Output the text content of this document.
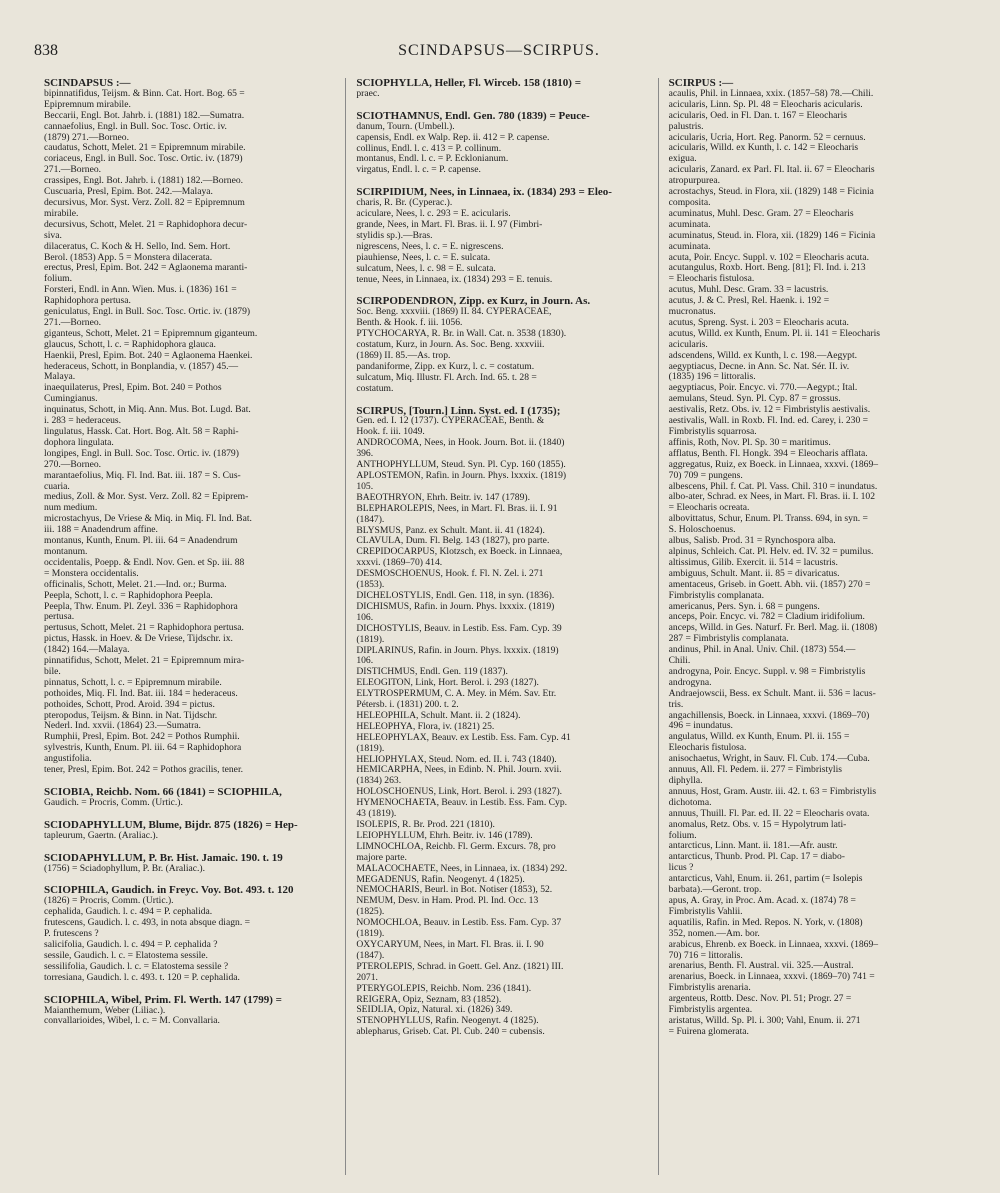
838	SCINDAPSUS—SCIRPUS.
SCINDAPSUS :—
bipinnatifidus, Teijsm. & Binn. Cat. Hort. Bog. 65 =
Epipremnum mirabile.
Beccarii, Engl. Bot. Jahrb. i. (1881) 182.—Sumatra.
cannaefolius, Engl. in Bull. Soc. Tosc. Ortic. iv.
(1879) 271.—Borneo.
caudatus, Schott, Melet. 21 = Epipremnum mirabile.
coriaceus, Engl. in Bull. Soc. Tosc. Ortic. iv. (1879)
271.—Borneo.
crassipes, Engl. Bot. Jahrb. i. (1881) 182.—Borneo.
Cuscuaria, Presl, Epim. Bot. 242.—Malaya.
decursivus, Mor. Syst. Verz. Zoll. 82 = Epipremnum
mirabile.
decursivus, Schott, Melet. 21 = Raphidophora decur-
siva.
dilaceratus, C. Koch & H. Sello, Ind. Sem. Hort.
Berol. (1853) App. 5 = Monstera dilacerata.
erectus, Presl, Epim. Bot. 242 = Aglaonema maranti-
folium.
Forsteri, Endl. in Ann. Wien. Mus. i. (1836) 161 =
Raphidophora pertusa.
geniculatus, Engl. in Bull. Soc. Tosc. Ortic. iv. (1879)
271.—Borneo.
giganteus, Schott, Melet. 21 = Epipremnum giganteum.
glaucus, Schott, l. c. = Raphidophora glauca.
Haenkii, Presl, Epim. Bot. 240 = Aglaonema Haenkei.
hederaceus, Schott, in Bonplandia, v. (1857) 45.—
Malaya.
inaequilaterus, Presl, Epim. Bot. 240 = Pothos
Cumingianus.
inquinatus, Schott, in Miq. Ann. Mus. Bot. Lugd. Bat.
i. 283 = hederaceus.
lingulatus, Hassk. Cat. Hort. Bog. Alt. 58 = Raphi-
dophora lingulata.
longipes, Engl. in Bull. Soc. Tosc. Ortic. iv. (1879)
270.—Borneo.
marantaefolius, Miq. Fl. Ind. Bat. iii. 187 = S. Cus-
cuaria.
medius, Zoll. & Mor. Syst. Verz. Zoll. 82 = Epiprem-
num medium.
microstachyus, De Vriese & Miq. in Miq. Fl. Ind. Bat.
iii. 188 = Anadendrum affine.
montanus, Kunth, Enum. Pl. iii. 64 = Anadendrum
montanum.
occidentalis, Poepp. & Endl. Nov. Gen. et Sp. iii. 88
= Monstera occidentalis.
officinalis, Schott, Melet. 21.—Ind. or.; Burma.
Peepla, Schott, l. c. = Raphidophora Peepla.
Peepla, Thw. Enum. Pl. Zeyl. 336 = Raphidophora
pertusa.
pertusus, Schott, Melet. 21 = Raphidophora pertusa.
pictus, Hassk. in Hoev. & De Vriese, Tijdschr. ix.
(1842) 164.—Malaya.
pinnatifidus, Schott, Melet. 21 = Epipremnum mira-
bile.
pinnatus, Schott, l. c. = Epipremnum mirabile.
pothoides, Miq. Fl. Ind. Bat. iii. 184 = hederaceus.
pothoides, Schott, Prod. Aroid. 394 = pictus.
pteropodus, Teijsm. & Binn. in Nat. Tijdschr.
Nederl. Ind. xxvii. (1864) 23.—Sumatra.
Rumphii, Presl, Epim. Bot. 242 = Pothos Rumphii.
sylvestris, Kunth, Enum. Pl. iii. 64 = Raphidophora
angustifolia.
tener, Presl, Epim. Bot. 242 = Pothos gracilis, tener.
SCIOBIA, Reichb. Nom. 66 (1841) = SCIOPHILA,
Gaudich. = Procris, Comm. (Urtic.).
SCIODAPHYLLUM, Blume, Bijdr. 875 (1826) = Hep-
tapleurum, Gaertn. (Araliac.).
SCIODAPHYLLUM, P. Br. Hist. Jamaic. 190. t. 19
(1756) = Sciadophyllum, P. Br. (Araliac.).
SCIOPHILA, Gaudich. in Freyc. Voy. Bot. 493. t. 120
(1826) = Procris, Comm. (Urtic.).
cephalida, Gaudich. l. c. 494 = P. cephalida.
frutescens, Gaudich. l. c. 493, in nota absque diagn. =
P. frutescens ?
salicifolia, Gaudich. l. c. 494 = P. cephalida ?
sessile, Gaudich. l. c. = Elatostema sessile.
sessilifolia, Gaudich. l. c. = Elatostema sessile ?
torresiana, Gaudich. l. c. 493. t. 120 = P. cephalida.
SCIOPHILA, Wibel, Prim. Fl. Werth. 147 (1799) =
Maianthemum, Weber (Liliac.).
convallarioides, Wibel, l. c. = M. Convallaria.
SCIOPHYLLA, Heller, Fl. Wirceb. 158 (1810) =
praec.
SCIOTHAMNUS, Endl. Gen. 780 (1839) = Peuce-
danum, Tourn. (Umbell.).
capensis, Endl. ex Walp. Rep. ii. 412 = P. capense.
collinus, Endl. l. c. 413 = P. collinum.
montanus, Endl. l. c. = P. Ecklonianum.
virgatus, Endl. l. c. = P. capense.
SCIRPIDIUM, Nees, in Linnaea, ix. (1834) 293 = Eleo-
charis, R. Br. (Cyperac.).
aciculare, Nees, l. c. 293 = E. acicularis.
grande, Nees, in Mart. Fl. Bras. ii. I. 97 (Fimbri-
stylidis sp.).—Bras.
nigrescens, Nees, l. c. = E. nigrescens.
piauhiense, Nees, l. c. = E. sulcata.
sulcatum, Nees, l. c. 98 = E. sulcata.
tenue, Nees, in Linnaea, ix. (1834) 293 = E. tenuis.
SCIRPODENDRON, Zipp. ex Kurz, in Journ. As.
Soc. Beng. xxxviii. (1869) II. 84. CYPERACEAE,
Benth. & Hook. f. iii. 1056.
PTYCHOCARYA, R. Br. in Wall. Cat. n. 3538 (1830).
costatum, Kurz, in Journ. As. Soc. Beng. xxxviii.
(1869) II. 85.—As. trop.
pandaniforme, Zipp. ex Kurz, l. c. = costatum.
sulcatum, Miq. Illustr. Fl. Arch. Ind. 65. t. 28 =
costatum.
SCIRPUS, [Tourn.] Linn. Syst. ed. I (1735);
Gen. ed. I. 12 (1737). CYPERACEAE, Benth. &
Hook. f. iii. 1049.
ANDROCOMA, Nees, in Hook. Journ. Bot. ii. (1840)
396.
ANTHOPHYLLUM, Steud. Syn. Pl. Cyp. 160 (1855).
APLOSTEMON, Rafin. in Journ. Phys. lxxxix. (1819)
105.
BAEOTHRYON, Ehrh. Beitr. iv. 147 (1789).
BLEPHAROLEPIS, Nees, in Mart. Fl. Bras. ii. I. 91
(1847).
BLYSMUS, Panz. ex Schult. Mant. ii. 41 (1824).
CLAVULA, Dum. Fl. Belg. 143 (1827), pro parte.
CREPIDOCARPUS, Klotzsch, ex Boeck. in Linnaea,
xxxvi. (1869–70) 414.
DESMOSCHOENUS, Hook. f. Fl. N. Zel. i. 271
(1853).
DICHELOSTYLIS, Endl. Gen. 118, in syn. (1836).
DICHISMUS, Rafin. in Journ. Phys. lxxxix. (1819)
106.
DICHOSTYLIS, Beauv. in Lestib. Ess. Fam. Cyp. 39
(1819).
DIPLARINUS, Rafin. in Journ. Phys. lxxxix. (1819)
106.
DISTICHMUS, Endl. Gen. 119 (1837).
ELEOGITON, Link, Hort. Berol. i. 293 (1827).
ELYTROSPERMUM, C. A. Mey. in Mém. Sav. Etr.
Pétersb. i. (1831) 200. t. 2.
HELEOPHILA, Schult. Mant. ii. 2 (1824).
HELEOPHYA, Flora, iv. (1821) 25.
HELEOPHYLAX, Beauv. ex Lestib. Ess. Fam. Cyp. 41
(1819).
HELIOPHYLAX, Steud. Nom. ed. II. i. 743 (1840).
HEMICARPHA, Nees, in Edinb. N. Phil. Journ. xvii.
(1834) 263.
HOLOSCHOENUS, Link, Hort. Berol. i. 293 (1827).
HYMENOCHAETA, Beauv. in Lestib. Ess. Fam. Cyp.
43 (1819).
ISOLEPIS, R. Br. Prod. 221 (1810).
LEIOPHYLLUM, Ehrh. Beitr. iv. 146 (1789).
LIMNOCHLOA, Reichb. Fl. Germ. Excurs. 78, pro
majore parte.
MALACOCHAETE, Nees, in Linnaea, ix. (1834) 292.
MEGADENUS, Rafin. Neogenyt. 4 (1825).
NEMOCHARIS, Beurl. in Bot. Notiser (1853), 52.
NEMUM, Desv. in Ham. Prod. Pl. Ind. Occ. 13
(1825).
NOMOCHLOA, Beauv. in Lestib. Ess. Fam. Cyp. 37
(1819).
OXYCARYUM, Nees, in Mart. Fl. Bras. ii. I. 90
(1847).
PTEROLEPIS, Schrad. in Goett. Gel. Anz. (1821) III.
2071.
PTERYGOLEPIS, Reichb. Nom. 236 (1841).
REIGERA, Opiz, Seznam, 83 (1852).
SEIDLIA, Opiz, Natural. xi. (1826) 349.
STENOPHYLLUS, Rafin. Neogenyt. 4 (1825).
ablepharus, Griseb. Cat. Pl. Cub. 240 = cubensis.
SCIRPUS :—
acaulis, Phil. in Linnaea, xxix. (1857–58) 78.—Chili.
acicularis, Linn. Sp. Pl. 48 = Eleocharis acicularis.
acicularis, Oed. in Fl. Dan. t. 167 = Eleocharis
palustris.
acicularis, Ucria, Hort. Reg. Panorm. 52 = cernuus.
acicularis, Willd. ex Kunth, l. c. 142 = Eleocharis
exigua.
acicularis, Zanard. ex Parl. Fl. Ital. ii. 67 = Eleocharis
atropurpurea.
acrostachys, Steud. in Flora, xii. (1829) 148 = Ficinia
composita.
acuminatus, Muhl. Desc. Gram. 27 = Eleocharis
acuminata.
acuminatus, Steud. in. Flora, xii. (1829) 146 = Ficinia
acuminata.
acuta, Poir. Encyc. Suppl. v. 102 = Eleocharis acuta.
acutangulus, Roxb. Hort. Beng. [81]; Fl. Ind. i. 213
= Eleocharis fistulosa.
acutus, Muhl. Desc. Gram. 33 = lacustris.
acutus, J. & C. Presl, Rel. Haenk. i. 192 =
mucronatus.
acutus, Spreng. Syst. i. 203 = Eleocharis acuta.
acutus, Willd. ex Kunth, Enum. Pl. ii. 141 = Eleocharis
acicularis.
adscendens, Willd. ex Kunth, l. c. 198.—Aegypt.
aegyptiacus, Decne. in Ann. Sc. Nat. Sér. II. iv.
(1835) 196 = littoralis.
aegyptiacus, Poir. Encyc. vi. 770.—Aegypt.; Ital.
aemulans, Steud. Syn. Pl. Cyp. 87 = grossus.
aestivalis, Retz. Obs. iv. 12 = Fimbristylis aestivalis.
aestivalis, Wall. in Roxb. Fl. Ind. ed. Carey, i. 230 =
Fimbristylis squarrosa.
affinis, Roth, Nov. Pl. Sp. 30 = maritimus.
afflatus, Benth. Fl. Hongk. 394 = Eleocharis afflata.
aggregatus, Ruiz, ex Boeck. in Linnaea, xxxvi. (1869–
70) 709 = pungens.
albescens, Phil. f. Cat. Pl. Vass. Chil. 310 = inundatus.
albo-ater, Schrad. ex Nees, in Mart. Fl. Bras. ii. I. 102
= Eleocharis ocreata.
albovittatus, Schur, Enum. Pl. Transs. 694, in syn. =
S. Holoschoenus.
albus, Salisb. Prod. 31 = Rynchospora alba.
alpinus, Schleich. Cat. Pl. Helv. ed. IV. 32 = pumilus.
altissimus, Gilib. Exercit. ii. 514 = lacustris.
ambiguus, Schult. Mant. ii. 85 = divaricatus.
amentaceus, Griseb. in Goett. Abh. vii. (1857) 270 =
Fimbristylis complanata.
americanus, Pers. Syn. i. 68 = pungens.
anceps, Poir. Encyc. vi. 782 = Cladium iridifolium.
anceps, Willd. in Ges. Naturf. Fr. Berl. Mag. ii. (1808)
287 = Fimbristylis complanata.
andinus, Phil. in Anal. Univ. Chil. (1873) 554.—
Chili.
androgyna, Poir. Encyc. Suppl. v. 98 = Fimbristylis
androgyna.
Andraejowscii, Bess. ex Schult. Mant. ii. 536 = lacus-
tris.
angachillensis, Boeck. in Linnaea, xxxvi. (1869–70)
496 = inundatus.
angulatus, Willd. ex Kunth, Enum. Pl. ii. 155 =
Eleocharis fistulosa.
anisochaetus, Wright, in Sauv. Fl. Cub. 174.—Cuba.
annuus, All. Fl. Pedem. ii. 277 = Fimbristylis
diphylla.
annuus, Host, Gram. Austr. iii. 42. t. 63 = Fimbristylis
dichotoma.
annuus, Thuill. Fl. Par. ed. II. 22 = Eleocharis ovata.
anomalus, Retz. Obs. v. 15 = Hypolytrum lati-
folium.
antarcticus, Linn. Mant. ii. 181.—Afr. austr.
antarcticus, Thunb. Prod. Pl. Cap. 17 = diabo-
licus ?
antarcticus, Vahl, Enum. ii. 261, partim (= Isolepis
barbata).—Geront. trop.
apus, A. Gray, in Proc. Am. Acad. x. (1874) 78 =
Fimbristylis Vahlii.
aquatilis, Rafin. in Med. Repos. N. York, v. (1808)
352, nomen.—Am. bor.
arabicus, Ehrenb. ex Boeck. in Linnaea, xxxvi. (1869–
70) 716 = littoralis.
arenarius, Benth. Fl. Austral. vii. 325.—Austral.
arenarius, Boeck. in Linnaea, xxxvi. (1869–70) 741 =
Fimbristylis arenaria.
argenteus, Rottb. Desc. Nov. Pl. 51; Progr. 27 =
Fimbristylis argentea.
aristatus, Willd. Sp. Pl. i. 300; Vahl, Enum. ii. 271
= Fuirena glomerata.
